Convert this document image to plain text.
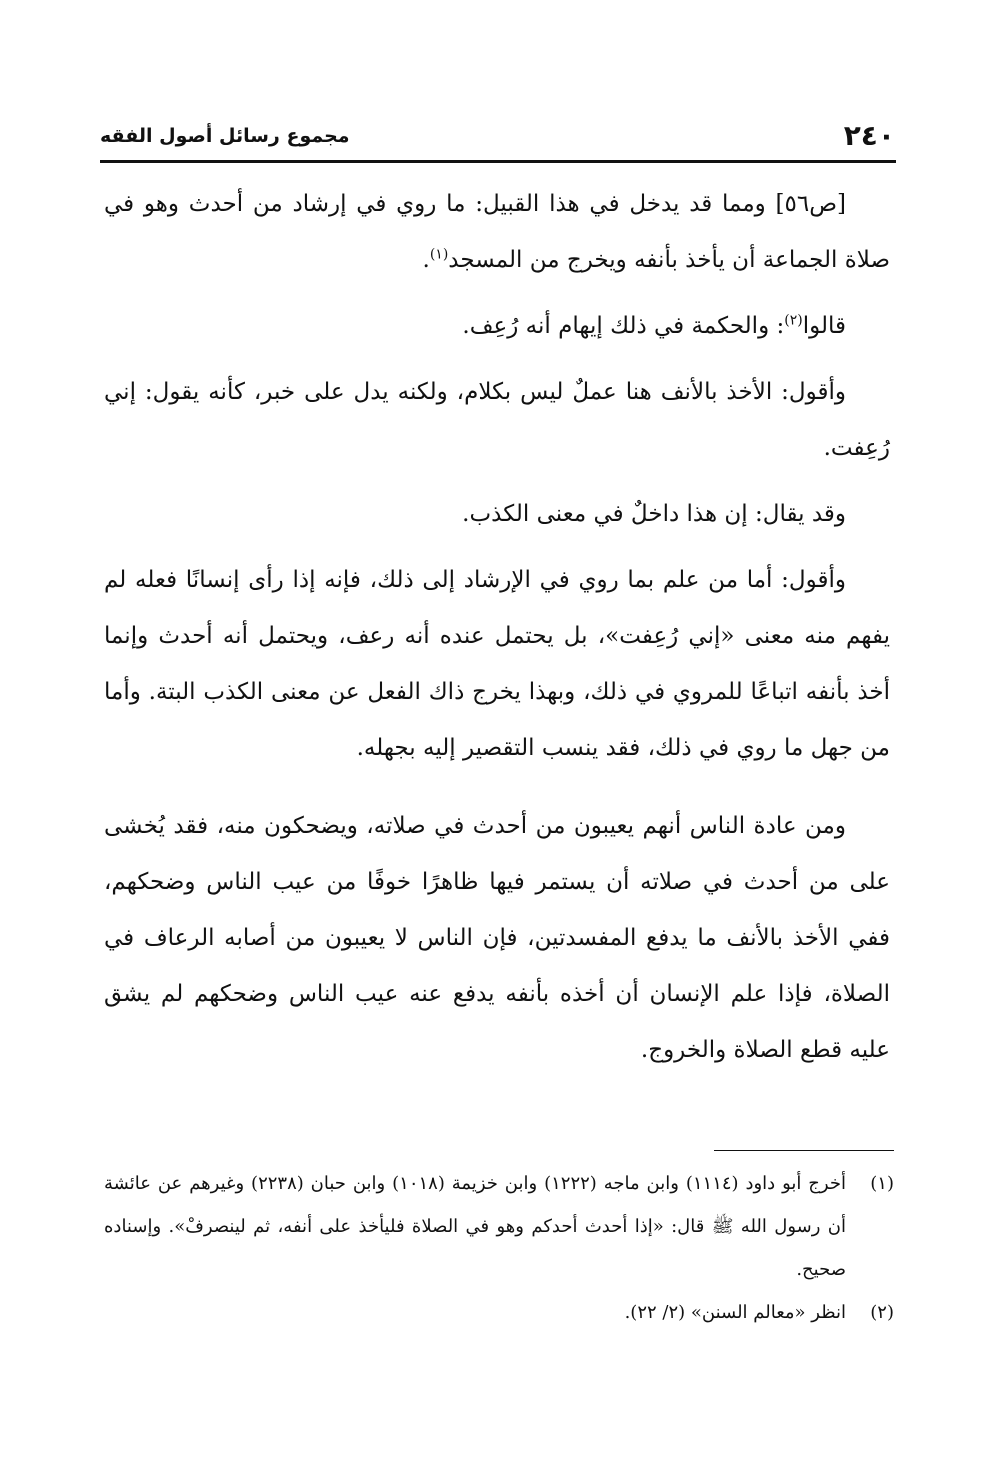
٢٤٠
مجموع رسائل أصول الفقه

[ص٥٦] ومما قد يدخل في هذا القبيل: ما روي في إرشاد من أحدث وهو في صلاة الجماعة أن يأخذ بأنفه ويخرج من المسجد$^{(١)}$.

قالوا$^{(٢)}$: والحكمة في ذلك إيهام أنه رُعِف.

وأقول: الأخذ بالأنف هنا عملٌ ليس بكلام، ولكنه يدل على خبر، كأنه يقول: إني رُعِفت.

وقد يقال: إن هذا داخلٌ في معنى الكذب.

وأقول: أما من علم بما روي في الإرشاد إلى ذلك، فإنه إذا رأى إنسانًا فعله لم يفهم منه معنى «إني رُعِفت»، بل يحتمل عنده أنه رعف، ويحتمل أنه أحدث وإنما أخذ بأنفه اتباعًا للمروي في ذلك، وبهذا يخرج ذاك الفعل عن معنى الكذب البتة. وأما من جهل ما روي في ذلك، فقد ينسب التقصير إليه بجهله.

ومن عادة الناس أنهم يعيبون من أحدث في صلاته، ويضحكون منه، فقد يُخشى على من أحدث في صلاته أن يستمر فيها ظاهرًا خوفًا من عيب الناس وضحكهم، ففي الأخذ بالأنف ما يدفع المفسدتين، فإن الناس لا يعيبون من أصابه الرعاف في الصلاة، فإذا علم الإنسان أن أخذه بأنفه يدفع عنه عيب الناس وضحكهم لم يشق عليه قطع الصلاة والخروج.

(١)
أخرج أبو داود (١١١٤) وابن ماجه (١٢٢٢) وابن خزيمة (١٠١٨) وابن حبان (٢٢٣٨) وغيرهم عن عائشة أن رسول الله ﷺ قال: «إذا أحدث أحدكم وهو في الصلاة فليأخذ على أنفه، ثم لينصرفْ». وإسناده صحيح.
(٢)
انظر «معالم السنن» (٢/ ٢٢).
